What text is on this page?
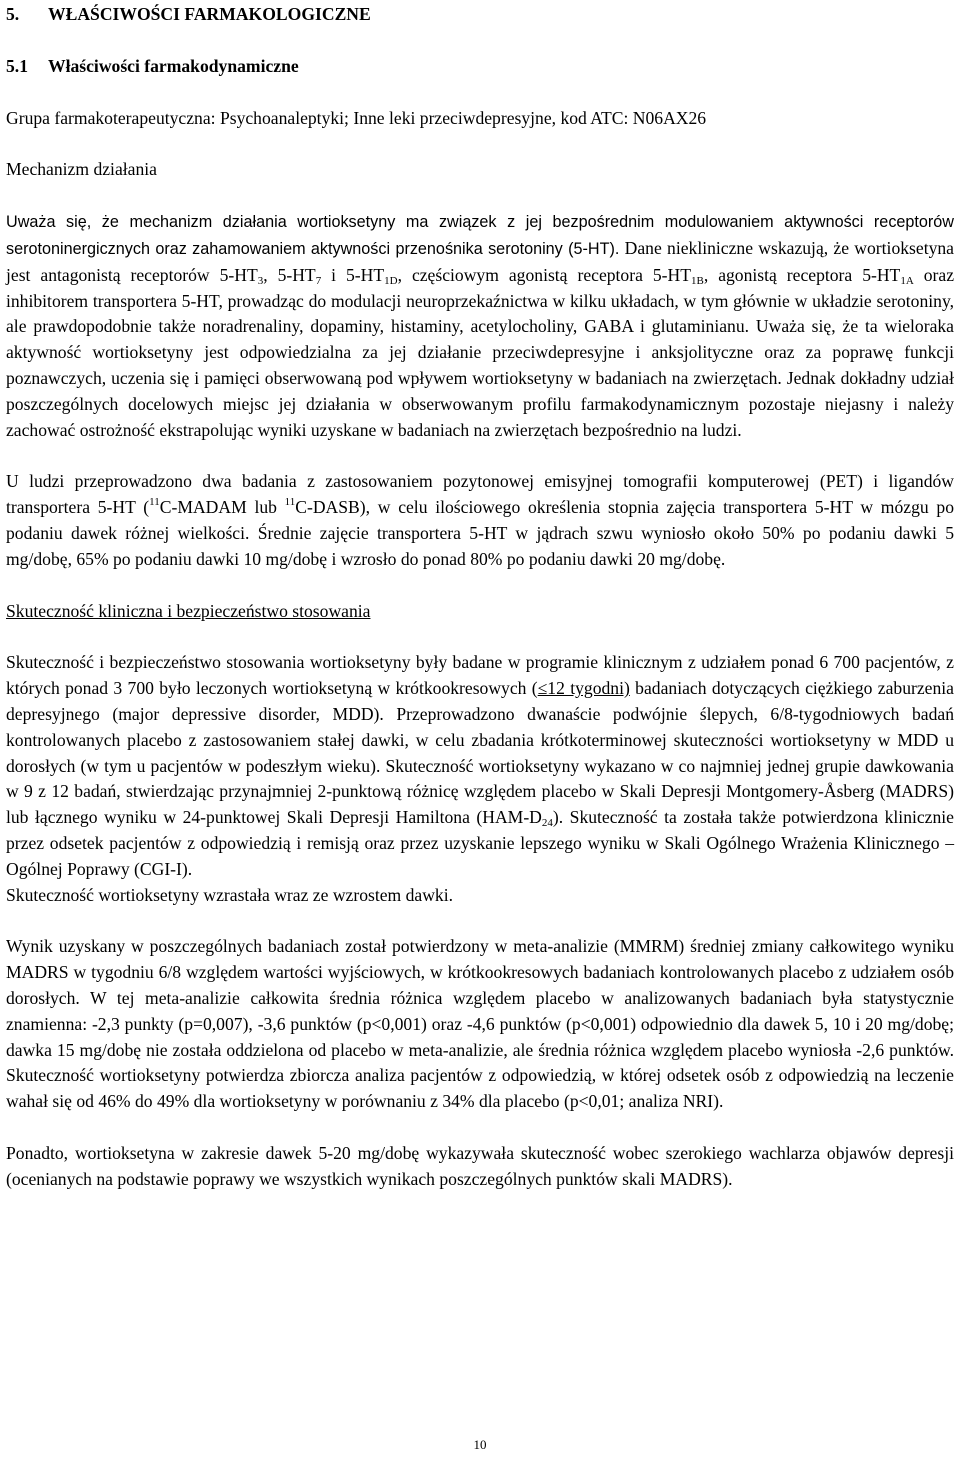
5. WŁAŚCIWOŚCI FARMAKOLOGICZNE
5.1 Właściwości farmakodynamiczne

Grupa farmakoterapeutyczna: Psychoanaleptyki; Inne leki przeciwdepresyjne, kod ATC: N06AX26

Mechanizm działania

Uważa się, że mechanizm działania wortioksetyny ma związek z jej bezpośrednim modulowaniem aktywności receptorów serotoninergicznych oraz zahamowaniem aktywności przenośnika serotoniny (5-HT). Dane niekliniczne wskazują, że wortioksetyna jest antagonistą receptorów $5-HT_3$, $5-HT_7$ i $5-HT_{1D}$, częściowym agonistą receptora $5-HT_{1B}$, agonistą receptora $5-HT_{1A}$ oraz inhibitorem transportera 5-HT, prowadząc do modulacji neuroprzekaźnictwa w kilku układach, w tym głównie w układzie serotoniny, ale prawdopodobnie także noradrenaliny, dopaminy, histaminy, acetylocholiny, GABA i glutaminianu. Uważa się, że ta wieloraka aktywność wortioksetyny jest odpowiedzialna za jej działanie przeciwdepresyjne i anksjolityczne oraz za poprawę funkcji poznawczych, uczenia się i pamięci obserwowaną pod wpływem wortioksetyny w badaniach na zwierzętach. Jednak dokładny udział poszczególnych docelowych miejsc jej działania w obserwowanym profilu farmakodynamicznym pozostaje niejasny i należy zachować ostrożność ekstrapolując wyniki uzyskane w badaniach na zwierzętach bezpośrednio na ludzi.

U ludzi przeprowadzono dwa badania z zastosowaniem pozytonowej emisyjnej tomografii komputerowej (PET) i ligandów transportera 5-HT ($^{11}$C-MADAM lub $^{11}$C-DASB), w celu ilościowego określenia stopnia zajęcia transportera 5-HT w mózgu po podaniu dawek różnej wielkości. Średnie zajęcie transportera 5-HT w jądrach szwu wyniosło około 50% po podaniu dawki 5 mg/dobę, 65% po podaniu dawki 10 mg/dobę i wzrosło do ponad 80% po podaniu dawki 20 mg/dobę.

Skuteczność kliniczna i bezpieczeństwo stosowania

Skuteczność i bezpieczeństwo stosowania wortioksetyny były badane w programie klinicznym z udziałem ponad 6 700 pacjentów, z których ponad 3 700 było leczonych wortioksetyną w krótkookresowych (≤12 tygodni) badaniach dotyczących ciężkiego zaburzenia depresyjnego (major depressive disorder, MDD). Przeprowadzono dwanaście podwójnie ślepych, 6/8-tygodniowych badań kontrolowanych placebo z zastosowaniem stałej dawki, w celu zbadania krótkoterminowej skuteczności wortioksetyny w MDD u dorosłych (w tym u pacjentów w podeszłym wieku). Skuteczność wortioksetyny wykazano w co najmniej jednej grupie dawkowania w 9 z 12 badań, stwierdzając przynajmniej 2-punktową różnicę względem placebo w Skali Depresji Montgomery-Åsberg (MADRS) lub łącznego wyniku w 24-punktowej Skali Depresji Hamiltona $(HAM-D_{24})$. Skuteczność ta została także potwierdzona klinicznie przez odsetek pacjentów z odpowiedzią i remisją oraz przez uzyskanie lepszego wyniku w Skali Ogólnego Wrażenia Klinicznego – Ogólnej Poprawy (CGI-I).

Skuteczność wortioksetyny wzrastała wraz ze wzrostem dawki.

Wynik uzyskany w poszczególnych badaniach został potwierdzony w meta-analizie (MMRM) średniej zmiany całkowitego wyniku MADRS w tygodniu 6/8 względem wartości wyjściowych, w krótkookresowych badaniach kontrolowanych placebo z udziałem osób dorosłych. W tej meta-analizie całkowita średnia różnica względem placebo w analizowanych badaniach była statystycznie znamienna: -2,3 punkty (p=0,007), -3,6 punktów (p<0,001) oraz -4,6 punktów (p<0,001) odpowiednio dla dawek 5, 10 i 20 mg/dobę; dawka 15 mg/dobę nie została oddzielona od placebo w meta-analizie, ale średnia różnica względem placebo wyniosła -2,6 punktów. Skuteczność wortioksetyny potwierdza zbiorcza analiza pacjentów z odpowiedzią, w której odsetek osób z odpowiedzią na leczenie wahał się od 46% do 49% dla wortioksetyny w porównaniu z 34% dla placebo (p<0,01; analiza NRI).

Ponadto, wortioksetyna w zakresie dawek 5-20 mg/dobę wykazywała skuteczność wobec szerokiego wachlarza objawów depresji (ocenianych na podstawie poprawy we wszystkich wynikach poszczególnych punktów skali MADRS).

10
